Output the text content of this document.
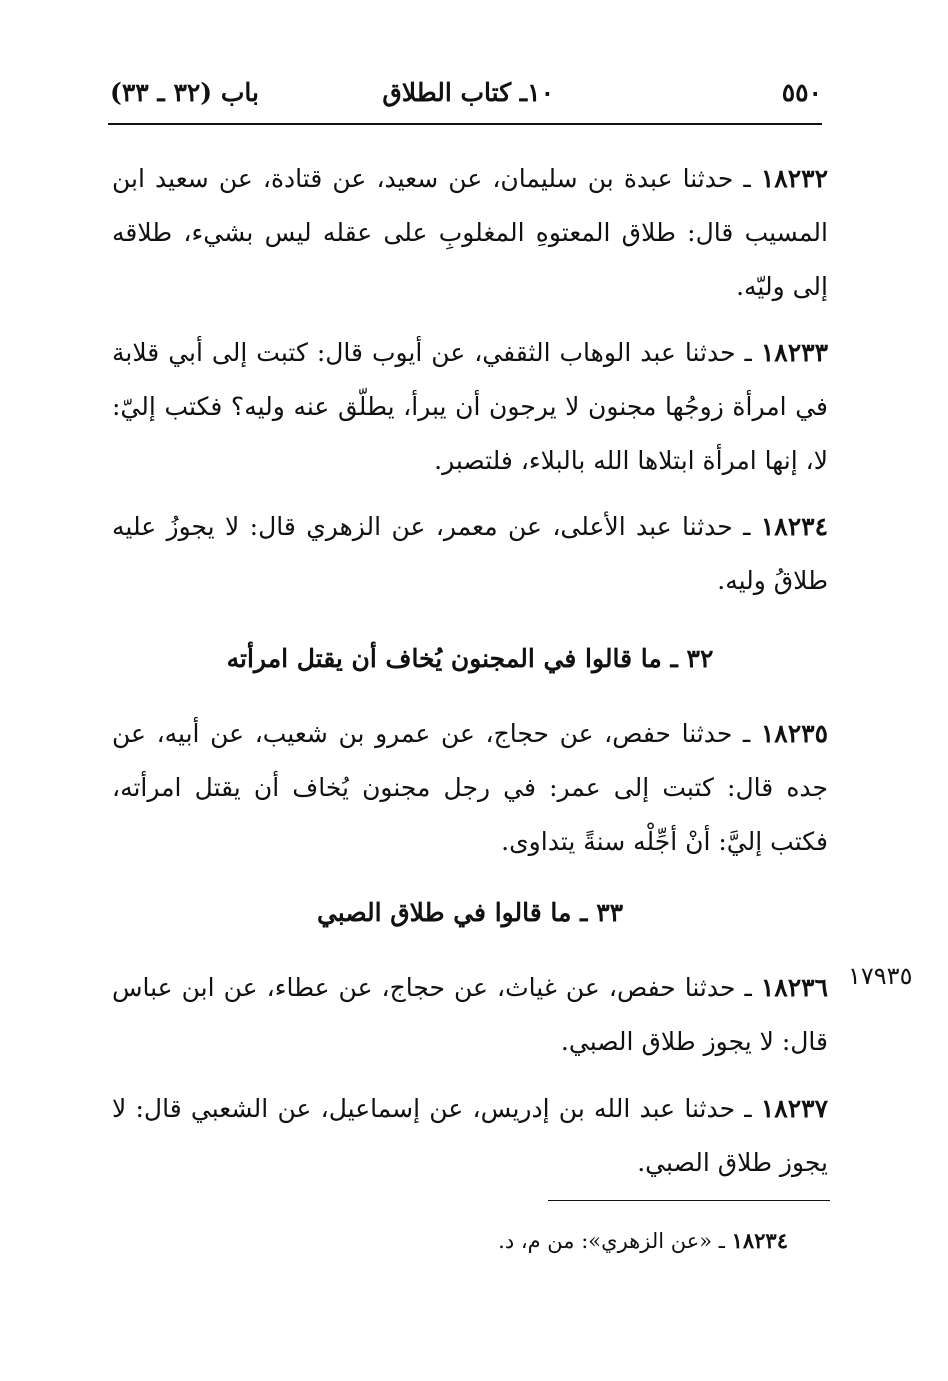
٥٥٠
١٠ـ كتاب الطلاق
باب (٣٢ ـ ٣٣)

١٨٢٣٢ ـ حدثنا عبدة بن سليمان، عن سعيد، عن قتادة، عن سعيد ابن المسيب قال: طلاق المعتوهِ المغلوبِ على عقله ليس بشيء، طلاقه إلى وليّه.

١٨٢٣٣ ـ حدثنا عبد الوهاب الثقفي، عن أيوب قال: كتبت إلى أبي قلابة في امرأة زوجُها مجنون لا يرجون أن يبرأ، يطلّق عنه وليه؟ فكتب إليّ: لا، إنها امرأة ابتلاها الله بالبلاء، فلتصبر.

١٨٢٣٤ ـ حدثنا عبد الأعلى، عن معمر، عن الزهري قال: لا يجوزُ عليه طلاقُ وليه.

٣٢ ـ ما قالوا في المجنون يُخاف أن يقتل امرأته

١٨٢٣٥ ـ حدثنا حفص، عن حجاج، عن عمرو بن شعيب، عن أبيه، عن جده قال: كتبت إلى عمر: في رجل مجنون يُخاف أن يقتل امرأته، فكتب إليَّ: أنْ أجِّلْه سنةً يتداوى.

٣٣ ـ ما قالوا في طلاق الصبي
١٧٩٣٥

١٨٢٣٦ ـ حدثنا حفص، عن غياث، عن حجاج، عن عطاء، عن ابن عباس قال: لا يجوز طلاق الصبي.

١٨٢٣٧ ـ حدثنا عبد الله بن إدريس، عن إسماعيل، عن الشعبي قال: لا يجوز طلاق الصبي.

١٨٢٣٤ ـ «عن الزهري»: من م، د.
